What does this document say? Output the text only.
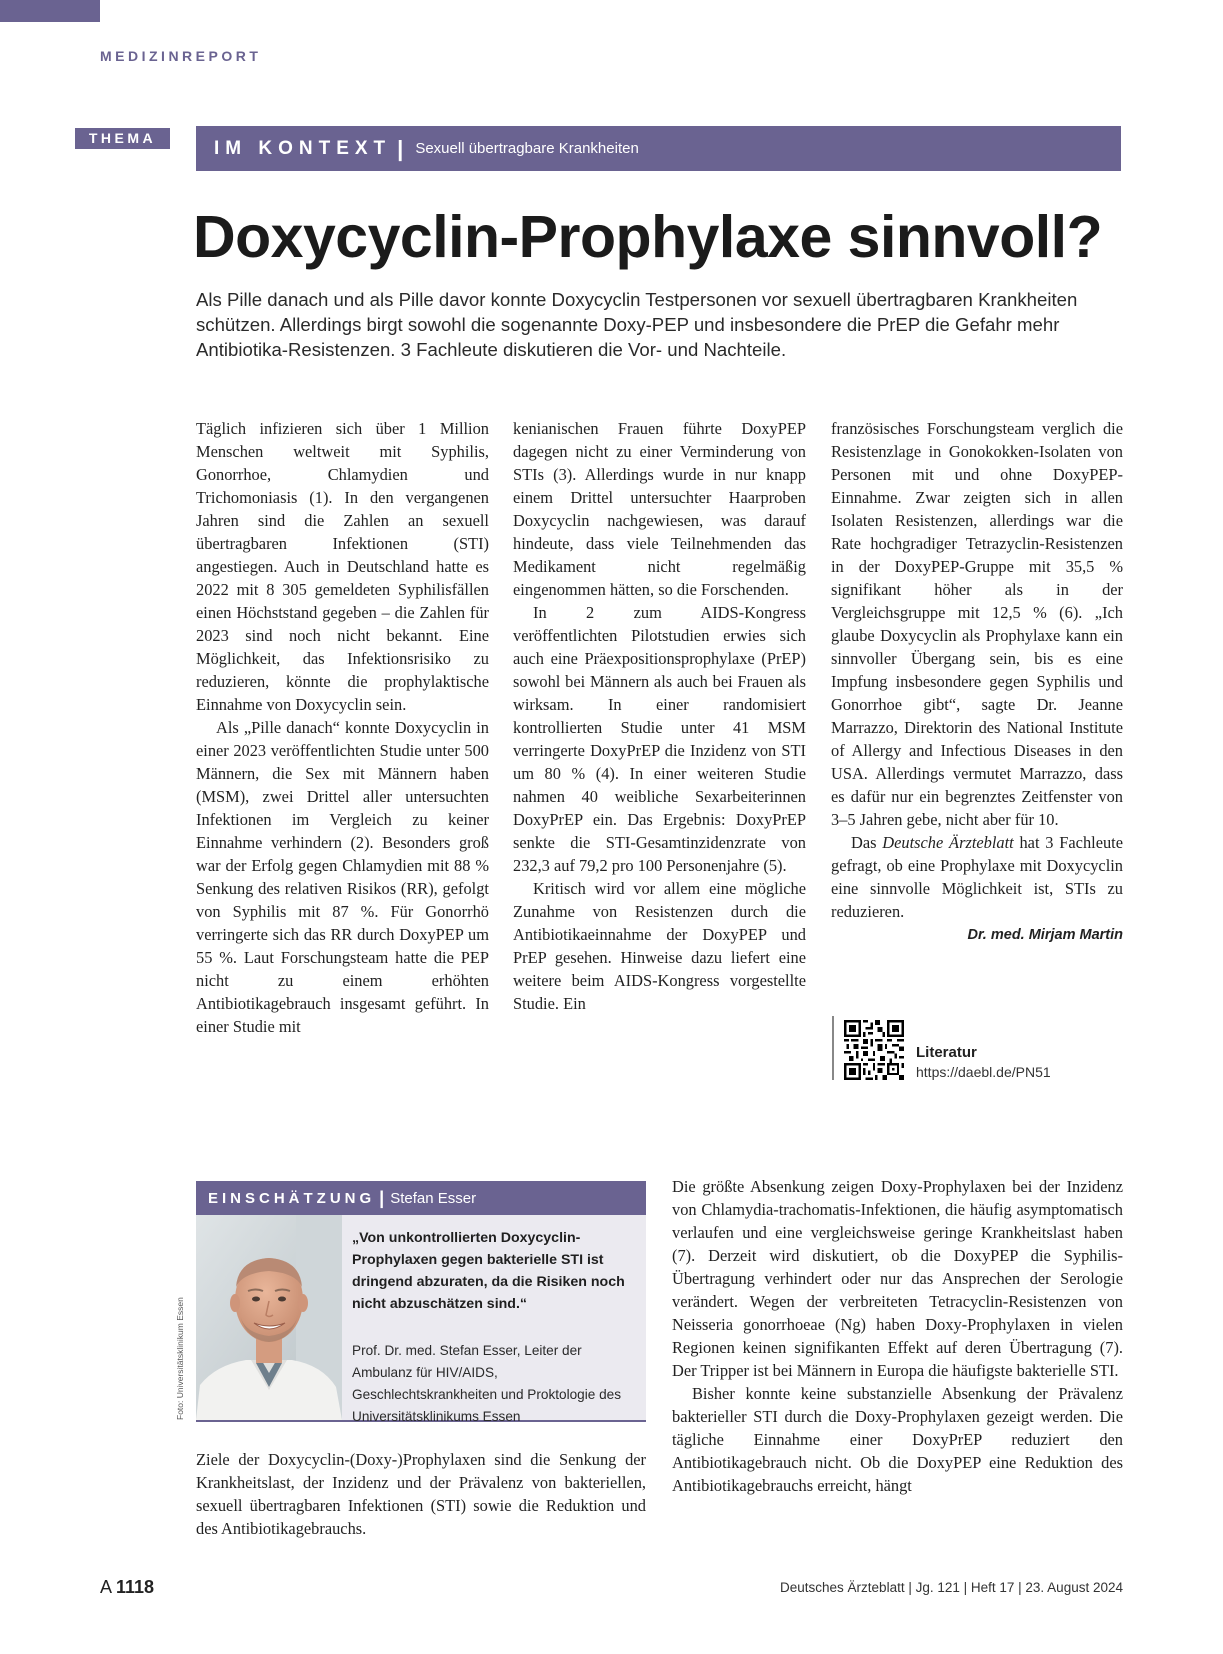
MEDIZINREPORT
THEMA	IM KONTEXT | Sexuell übertragbare Krankheiten
Doxycyclin-Prophylaxe sinnvoll?
Als Pille danach und als Pille davor konnte Doxycyclin Testpersonen vor sexuell übertragbaren Krankheiten schützen. Allerdings birgt sowohl die sogenannte Doxy-PEP und insbesondere die PrEP die Gefahr mehr Antibiotika-Resistenzen. 3 Fachleute diskutieren die Vor- und Nachteile.

Täglich infizieren sich über 1 Million Menschen weltweit mit Syphilis, Gonorrhoe, Chlamydien und Trichomoniasis (1). In den vergangenen Jahren sind die Zahlen an sexuell übertragbaren Infektionen (STI) angestiegen. Auch in Deutschland hatte es 2022 mit 8 305 gemeldeten Syphilisfällen einen Höchststand gegeben – die Zahlen für 2023 sind noch nicht bekannt. Eine Möglichkeit, das Infektionsrisiko zu reduzieren, könnte die prophylaktische Einnahme von Doxycyclin sein.

Als „Pille danach“ konnte Doxycyclin in einer 2023 veröffentlichten Studie unter 500 Männern, die Sex mit Männern haben (MSM), zwei Drittel aller untersuchten Infektionen im Vergleich zu keiner Einnahme verhindern (2). Besonders groß war der Erfolg gegen Chlamydien mit 88 % Senkung des relativen Risikos (RR), gefolgt von Syphilis mit 87 %. Für Gonorrhö verringerte sich das RR durch DoxyPEP um 55 %. Laut Forschungsteam hatte die PEP nicht zu einem erhöhten Antibiotikagebrauch insgesamt geführt. In einer Studie mit

kenianischen Frauen führte DoxyPEP dagegen nicht zu einer Verminderung von STIs (3). Allerdings wurde in nur knapp einem Drittel untersuchter Haarproben Doxycyclin nachgewiesen, was darauf hindeute, dass viele Teilnehmenden das Medikament nicht regelmäßig eingenommen hätten, so die Forschenden.

In 2 zum AIDS-Kongress veröffentlichten Pilotstudien erwies sich auch eine Präexpositionsprophylaxe (PrEP) sowohl bei Männern als auch bei Frauen als wirksam. In einer randomisiert kontrollierten Studie unter 41 MSM verringerte DoxyPrEP die Inzidenz von STI um 80 % (4). In einer weiteren Studie nahmen 40 weibliche Sexarbeiterinnen DoxyPrEP ein. Das Ergebnis: DoxyPrEP senkte die STI-Gesamtinzidenzrate von 232,3 auf 79,2 pro 100 Personenjahre (5).

Kritisch wird vor allem eine mögliche Zunahme von Resistenzen durch die Antibiotikaeinnahme der DoxyPEP und PrEP gesehen. Hinweise dazu liefert eine weitere beim AIDS-Kongress vorgestellte Studie. Ein

französisches Forschungsteam verglich die Resistenzlage in Gonokokken-Isolaten von Personen mit und ohne DoxyPEP-Einnahme. Zwar zeigten sich in allen Isolaten Resistenzen, allerdings war die Rate hochgradiger Tetrazyclin-Resistenzen in der DoxyPEP-Gruppe mit 35,5 % signifikant höher als in der Vergleichsgruppe mit 12,5 % (6). „Ich glaube Doxycyclin als Prophylaxe kann ein sinnvoller Übergang sein, bis es eine Impfung insbesondere gegen Syphilis und Gonorrhoe gibt“, sagte Dr. Jeanne Marrazzo, Direktorin des National Institute of Allergy and Infectious Diseases in den USA. Allerdings vermutet Marrazzo, dass es dafür nur ein begrenztes Zeitfenster von 3–5 Jahren gebe, nicht aber für 10.

Das Deutsche Ärzteblatt hat 3 Fachleute gefragt, ob eine Prophylaxe mit Doxycyclin eine sinnvolle Möglichkeit ist, STIs zu reduzieren.

Dr. med. Mirjam Martin
Literatur
https://daebl.de/PN51
EINSCHÄTZUNG | Stefan Esser
„Von unkontrollierten Doxycyclin-Prophylaxen gegen bakterielle STI ist dringend abzuraten, da die Risiken noch nicht abzuschätzen sind.“
Prof. Dr. med. Stefan Esser, Leiter der Ambulanz für HIV/AIDS, Geschlechtskrankheiten und Proktologie des Universitätsklinikums Essen
Foto: Universitätsklinikum Essen

Ziele der Doxycyclin-(Doxy-)Prophylaxen sind die Senkung der Krankheitslast, der Inzidenz und der Prävalenz von bakteriellen, sexuell übertragbaren Infektionen (STI) sowie die Reduktion und des Antibiotikagebrauchs.

Die größte Absenkung zeigen Doxy-Prophylaxen bei der Inzidenz von Chlamydia-trachomatis-Infektionen, die häufig asymptomatisch verlaufen und eine vergleichsweise geringe Krankheitslast haben (7). Derzeit wird diskutiert, ob die DoxyPEP die Syphilis-Übertragung verhindert oder nur das Ansprechen der Serologie verändert. Wegen der verbreiteten Tetracyclin-Resistenzen von Neisseria gonorrhoeae (Ng) haben Doxy-Prophylaxen in vielen Regionen keinen signifikanten Effekt auf deren Übertragung (7). Der Tripper ist bei Männern in Europa die häufigste bakterielle STI.

Bisher konnte keine substanzielle Absenkung der Prävalenz bakterieller STI durch die Doxy-Prophylaxen gezeigt werden. Die tägliche Einnahme einer DoxyPrEP reduziert den Antibiotikagebrauch nicht. Ob die DoxyPEP eine Reduktion des Antibiotikagebrauchs erreicht, hängt

A 1118	Deutsches Ärzteblatt | Jg. 121 | Heft 17 | 23. August 2024
